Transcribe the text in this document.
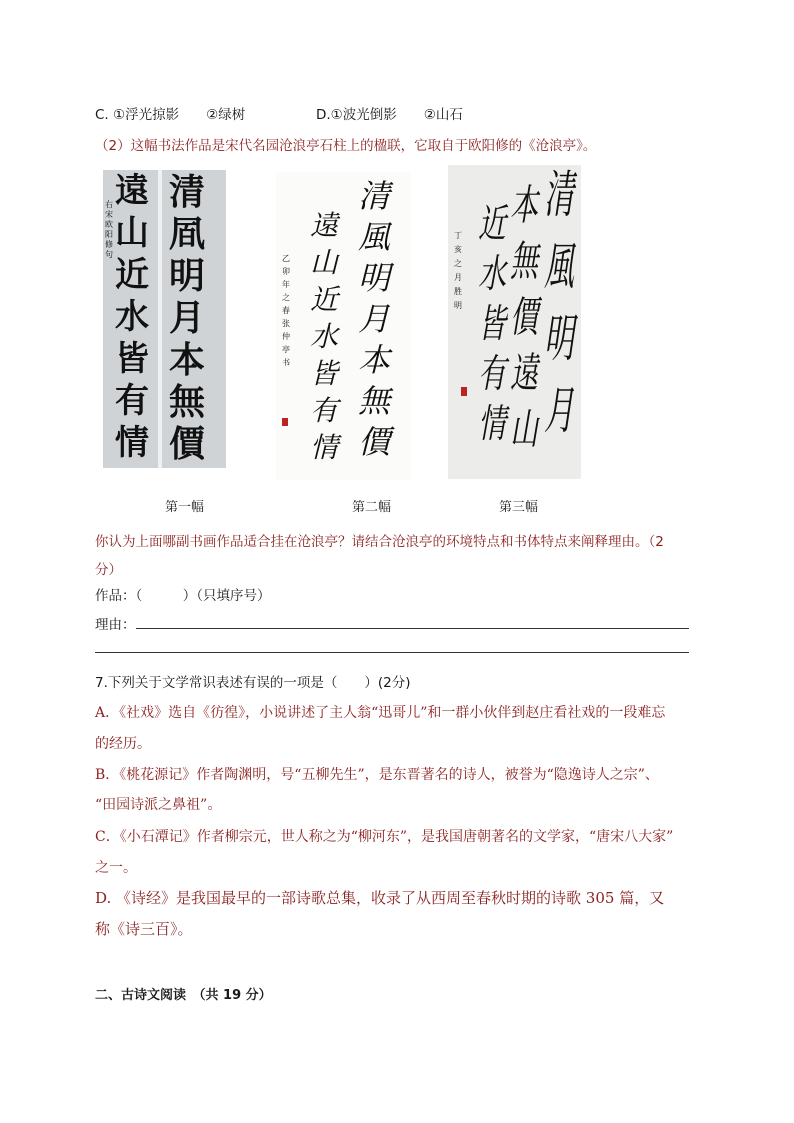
C. ①浮光掠影　　②绿树	D.①波光倒影　　②山石
（2）这幅书法作品是宋代名园沧浪亭石柱上的楹联，它取自于欧阳修的《沧浪亭》。
清
凮
明
月
本
無
價
右宋 欧阳修句
遠
山
近
水
皆
有
情
清
風
明
月
本
無
價
遠
山
近
水
皆
有
情
乙卯年之春 张仲亭书
清
風
明
月
本
無
價
遠
山
近
水
皆
有
情
丁亥之月 胜明
第一幅	第二幅	第三幅
你认为上面哪副书画作品适合挂在沧浪亭？请结合沧浪亭的环境特点和书体特点来阐释理由。（2
分）
作品：（　　　）（只填序号）
理由：
7.下列关于文学常识表述有误的一项是（　　）(2分)
A．《社戏》选自《彷徨》，小说讲述了主人翁“迅哥儿”和一群小伙伴到赵庄看社戏的一段难忘
的经历。
B．《桃花源记》作者陶渊明，号“五柳先生”，是东晋著名的诗人，被誉为“隐逸诗人之宗”、
“田园诗派之鼻祖”。
C．《小石潭记》作者柳宗元，世人称之为“柳河东”，是我国唐朝著名的文学家，“唐宋八大家”
之一。
D. 《诗经》是我国最早的一部诗歌总集，收录了从西周至春秋时期的诗歌 305 篇，又
称《诗三百》。
二、古诗文阅读　（共 19 分）
